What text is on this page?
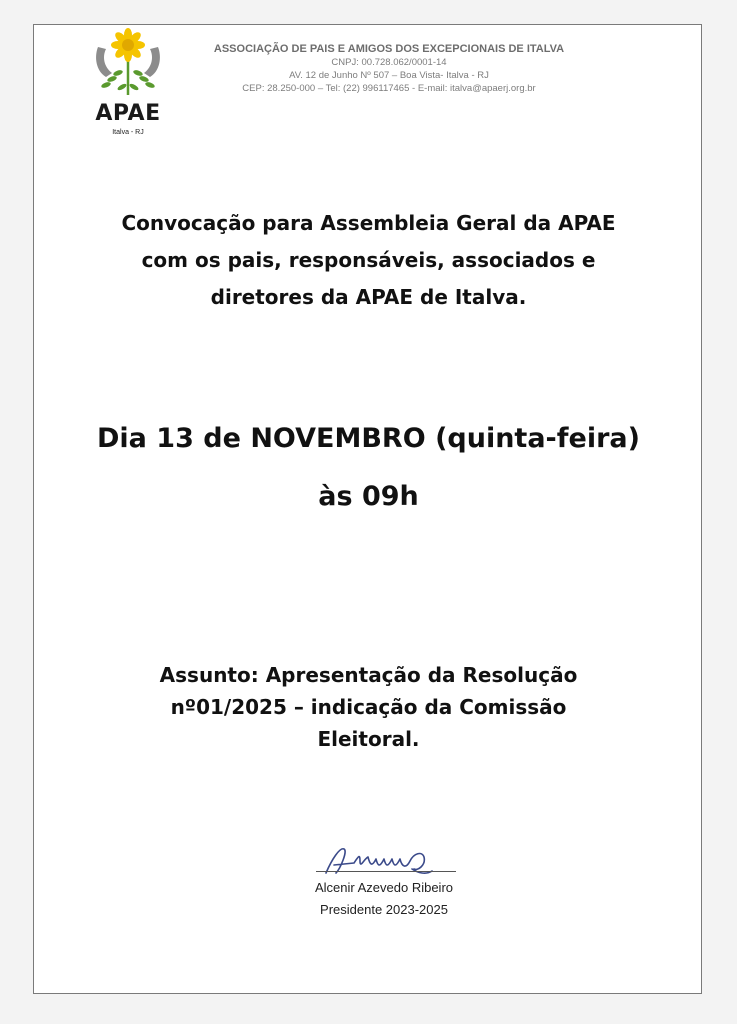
APAE
Italva - RJ
ASSOCIAÇÃO DE PAIS E AMIGOS DOS EXCEPCIONAIS DE ITALVA
CNPJ: 00.728.062/0001-14
AV. 12 de Junho Nº 507 – Boa Vista- Italva - RJ
CEP: 28.250-000 – Tel: (22) 996117465 - E-mail: italva@apaerj.org.br
Convocação para Assembleia Geral da APAE
com os pais, responsáveis, associados e
diretores da APAE de Italva.
Dia 13 de NOVEMBRO (quinta-feira)
às 09h
Assunto: Apresentação da Resolução
nº01/2025 – indicação da Comissão
Eleitoral.
Alcenir Azevedo Ribeiro
Presidente 2023-2025
